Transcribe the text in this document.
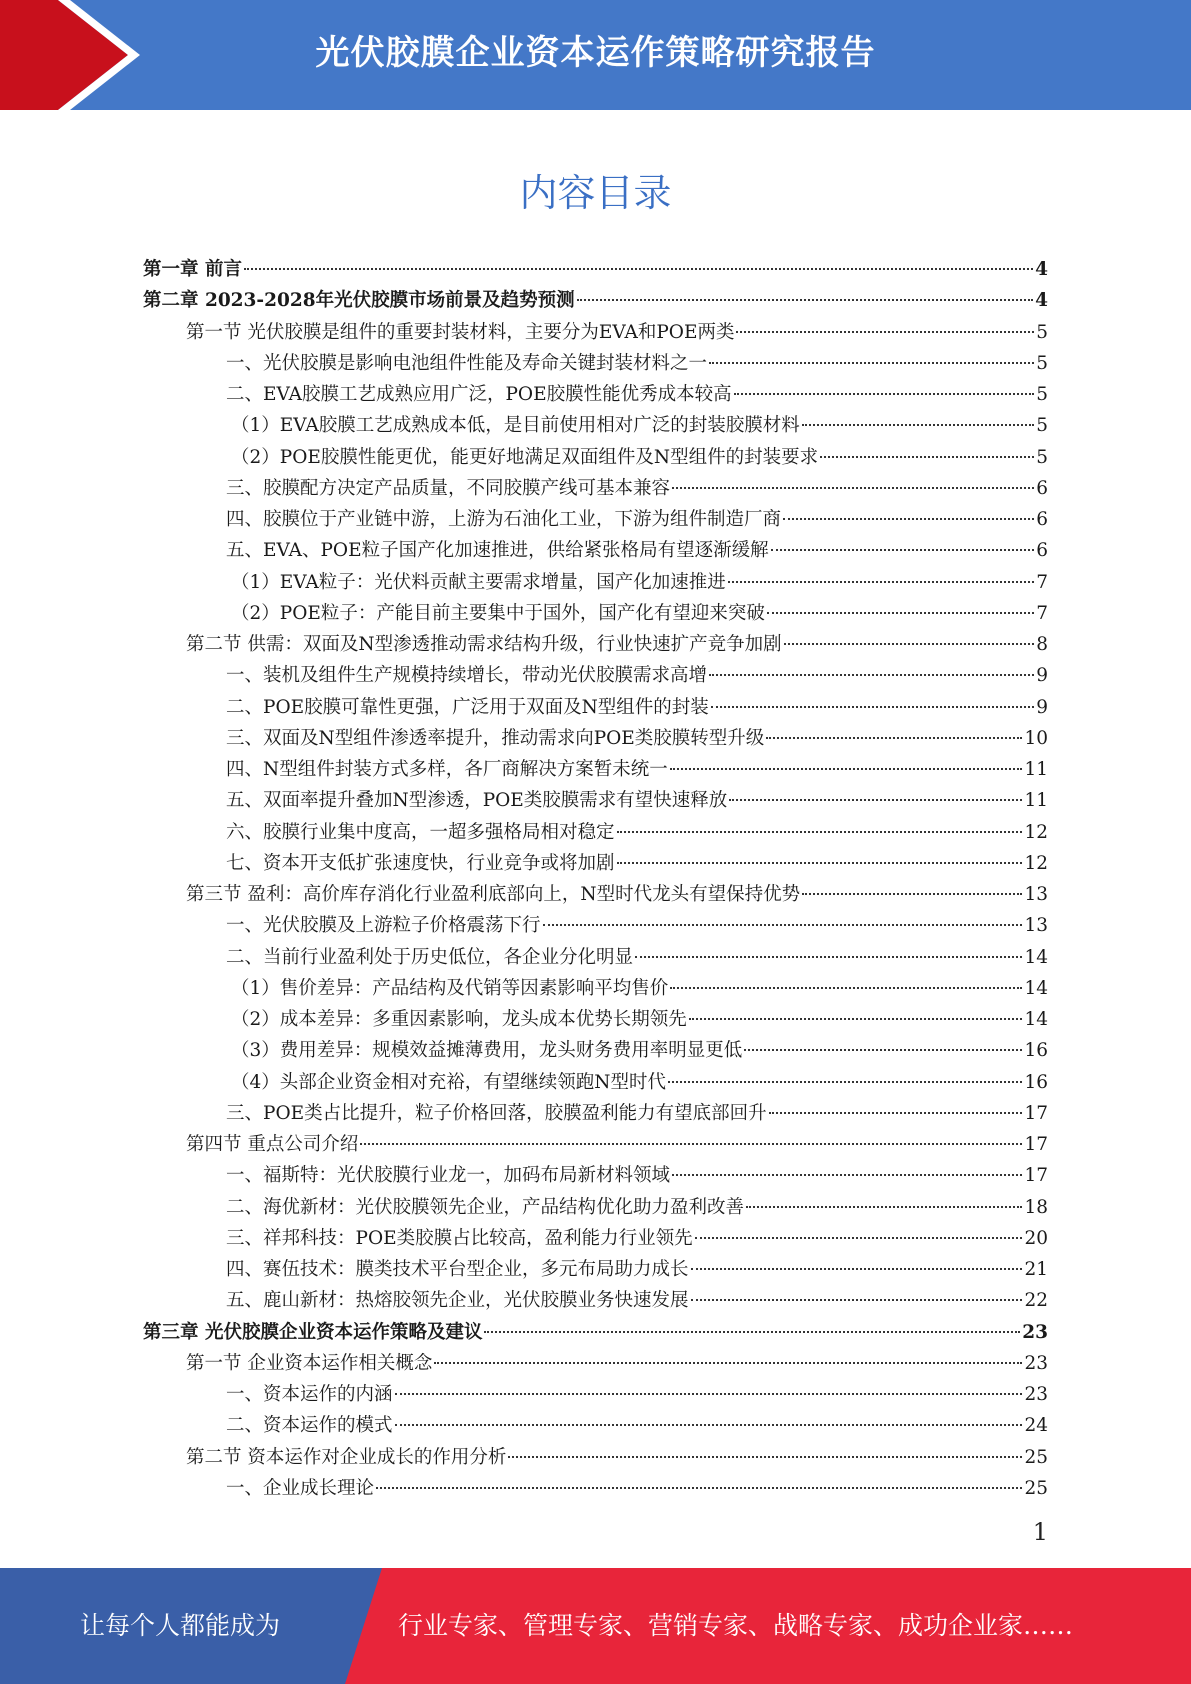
光伏胶膜企业资本运作策略研究报告
内容目录
第一章 前言	4
第二章 2023-2028年光伏胶膜市场前景及趋势预测	4
第一节 光伏胶膜是组件的重要封装材料，主要分为EVA和POE两类	5
一、光伏胶膜是影响电池组件性能及寿命关键封装材料之一	5
二、EVA胶膜工艺成熟应用广泛，POE胶膜性能优秀成本较高	5
（1）EVA胶膜工艺成熟成本低，是目前使用相对广泛的封装胶膜材料	5
（2）POE胶膜性能更优，能更好地满足双面组件及N型组件的封装要求	5
三、胶膜配方决定产品质量，不同胶膜产线可基本兼容	6
四、胶膜位于产业链中游，上游为石油化工业，下游为组件制造厂商	6
五、EVA、POE粒子国产化加速推进，供给紧张格局有望逐渐缓解	6
（1）EVA粒子：光伏料贡献主要需求增量，国产化加速推进	7
（2）POE粒子：产能目前主要集中于国外，国产化有望迎来突破	7
第二节 供需：双面及N型渗透推动需求结构升级，行业快速扩产竞争加剧	8
一、装机及组件生产规模持续增长，带动光伏胶膜需求高增	9
二、POE胶膜可靠性更强，广泛用于双面及N型组件的封装	9
三、双面及N型组件渗透率提升，推动需求向POE类胶膜转型升级	10
四、N型组件封装方式多样，各厂商解决方案暂未统一	11
五、双面率提升叠加N型渗透，POE类胶膜需求有望快速释放	11
六、胶膜行业集中度高，一超多强格局相对稳定	12
七、资本开支低扩张速度快，行业竞争或将加剧	12
第三节 盈利：高价库存消化行业盈利底部向上，N型时代龙头有望保持优势	13
一、光伏胶膜及上游粒子价格震荡下行	13
二、当前行业盈利处于历史低位，各企业分化明显	14
（1）售价差异：产品结构及代销等因素影响平均售价	14
（2）成本差异：多重因素影响，龙头成本优势长期领先	14
（3）费用差异：规模效益摊薄费用，龙头财务费用率明显更低	16
（4）头部企业资金相对充裕，有望继续领跑N型时代	16
三、POE类占比提升，粒子价格回落，胶膜盈利能力有望底部回升	17
第四节 重点公司介绍	17
一、福斯特：光伏胶膜行业龙一，加码布局新材料领域	17
二、海优新材：光伏胶膜领先企业，产品结构优化助力盈利改善	18
三、祥邦科技：POE类胶膜占比较高，盈利能力行业领先	20
四、赛伍技术：膜类技术平台型企业，多元布局助力成长	21
五、鹿山新材：热熔胶领先企业，光伏胶膜业务快速发展	22
第三章 光伏胶膜企业资本运作策略及建议	23
第一节 企业资本运作相关概念	23
一、资本运作的内涵	23
二、资本运作的模式	24
第二节 资本运作对企业成长的作用分析	25
一、企业成长理论	25
1
让每个人都能成为	行业专家、管理专家、营销专家、战略专家、成功企业家……
